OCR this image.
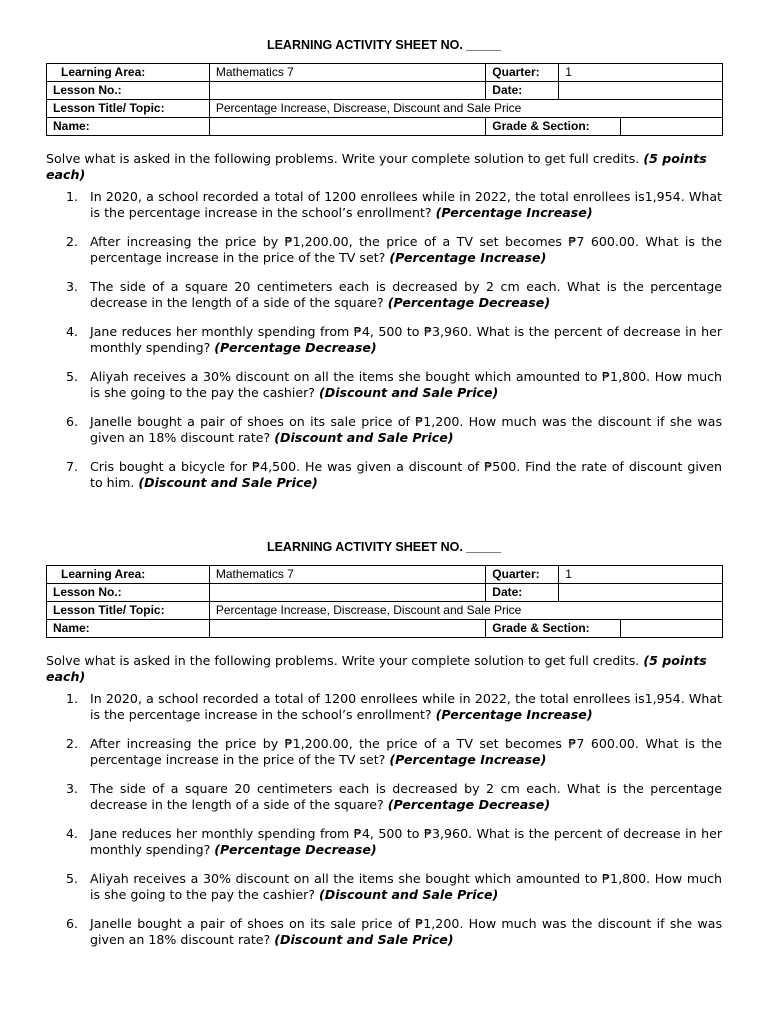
LEARNING ACTIVITY SHEET NO. _____
Learning Area:	Mathematics 7	Quarter:	1	
Lesson No.:		Date:		
Lesson Title/ Topic:	Percentage Increase, Discrease, Discount and Sale Price			
Name:		Grade & Section:		
Solve what is asked in the following problems. Write your complete solution to get full credits. (5 points each)
1. In 2020, a school recorded a total of 1200 enrollees while in 2022, the total enrollees is1,954. What is the percentage increase in the school’s enrollment? (Percentage Increase)
2. After increasing the price by ₱1,200.00, the price of a TV set becomes ₱7 600.00. What is the percentage increase in the price of the TV set? (Percentage Increase)
3. The side of a square 20 centimeters each is decreased by 2 cm each. What is the percentage decrease in the length of a side of the square? (Percentage Decrease)
4. Jane reduces her monthly spending from ₱4, 500 to ₱3,960. What is the percent of decrease in her monthly spending? (Percentage Decrease)
5. Aliyah receives a 30% discount on all the items she bought which amounted to ₱1,800. How much is she going to the pay the cashier? (Discount and Sale Price)
6. Janelle bought a pair of shoes on its sale price of ₱1,200. How much was the discount if she was given an 18% discount rate? (Discount and Sale Price)
7. Cris bought a bicycle for ₱4,500. He was given a discount of ₱500. Find the rate of discount given to him. (Discount and Sale Price)
LEARNING ACTIVITY SHEET NO. _____
Learning Area:	Mathematics 7	Quarter:	1	
Lesson No.:		Date:		
Lesson Title/ Topic:	Percentage Increase, Discrease, Discount and Sale Price			
Name:		Grade & Section:		
Solve what is asked in the following problems. Write your complete solution to get full credits. (5 points each)
1. In 2020, a school recorded a total of 1200 enrollees while in 2022, the total enrollees is1,954. What is the percentage increase in the school’s enrollment? (Percentage Increase)
2. After increasing the price by ₱1,200.00, the price of a TV set becomes ₱7 600.00. What is the percentage increase in the price of the TV set? (Percentage Increase)
3. The side of a square 20 centimeters each is decreased by 2 cm each. What is the percentage decrease in the length of a side of the square? (Percentage Decrease)
4. Jane reduces her monthly spending from ₱4, 500 to ₱3,960. What is the percent of decrease in her monthly spending? (Percentage Decrease)
5. Aliyah receives a 30% discount on all the items she bought which amounted to ₱1,800. How much is she going to the pay the cashier? (Discount and Sale Price)
6. Janelle bought a pair of shoes on its sale price of ₱1,200. How much was the discount if she was given an 18% discount rate? (Discount and Sale Price)
